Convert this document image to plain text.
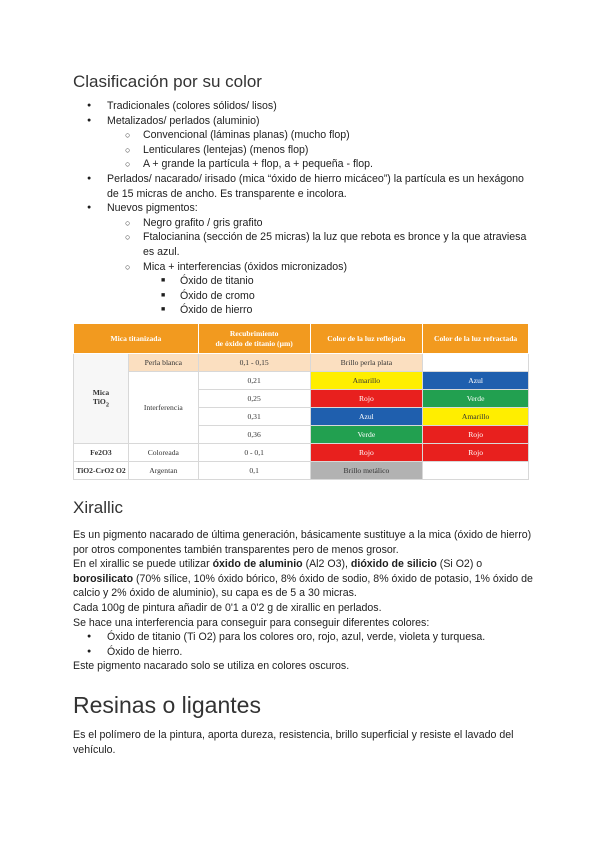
Clasificación por su color
● Tradicionales (colores sólidos/ lisos)
● Metalizados/ perlados (aluminio)
○ Convencional (láminas planas) (mucho flop)
○ Lenticulares (lentejas) (menos flop)
○ A + grande la partícula + flop, a + pequeña - flop.
● Perlados/ nacarado/ irisado (mica “óxido de hierro micáceo”) la partícula es un hexágono de 15 micras de ancho. Es transparente e incolora.
● Nuevos pigmentos:
○ Negro grafito / gris grafito
○ Ftalocianina (sección de 25 micras) la luz que rebota es bronce y la que atraviesa es azul.
○ Mica + interferencias (óxidos micronizados)
■ Óxido de titanio
■ Óxido de cromo
■ Óxido de hierro
Mica titanizada		Recubrimiento
de óxido de titanio (µm)	Color de la luz reflejada	Color de la luz refractada
Mica
TiO$_2$	Perla blanca	0,1 - 0,15	Brillo perla plata	
	Interferencia	0,21	Amarillo	Azul
		0,25	Rojo	Verde
		0,31	Azul	Amarillo
		0,36	Verde	Rojo
Fe2O3	Coloreada	0 - 0,1	Rojo	Rojo
TiO2-CrO2 O2	Argentan	0,1	Brillo metálico	
Xirallic
Es un pigmento nacarado de última generación, básicamente sustituye a la mica (óxido de hierro) por otros componentes también transparentes pero de menos grosor.
En el xirallic se puede utilizar óxido de aluminio (Al2 O3), dióxido de silicio (Si O2) o borosilicato (70% sílice, 10% óxido bórico, 8% óxido de sodio, 8% óxido de potasio, 1% óxido de calcio y 2% óxido de aluminio), su capa es de 5 a 30 micras.
Cada 100g de pintura añadir de 0'1 a 0'2 g de xirallic en perlados.
Se hace una interferencia para conseguir para conseguir diferentes colores:
● Óxido de titanio (Ti O2) para los colores oro, rojo, azul, verde, violeta y turquesa.
● Óxido de hierro.
Este pigmento nacarado solo se utiliza en colores oscuros.
Resinas o ligantes
Es el polímero de la pintura, aporta dureza, resistencia, brillo superficial y resiste el lavado del vehículo.
